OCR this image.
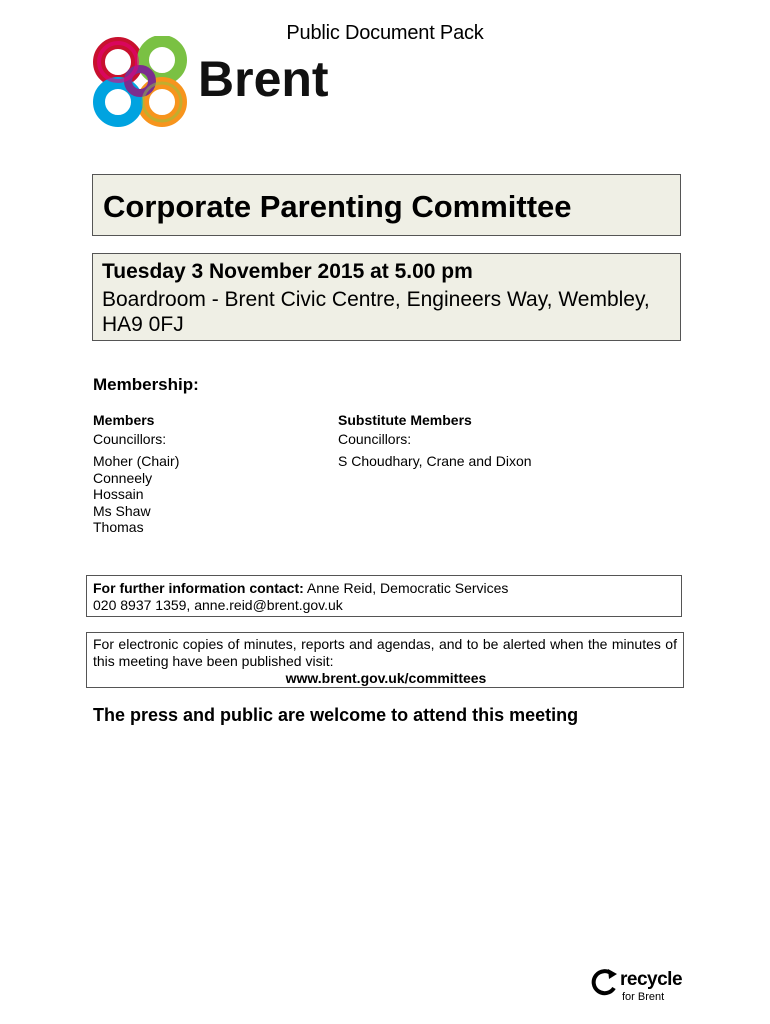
Public Document Pack
Brent
Corporate Parenting Committee
Tuesday 3 November 2015 at 5.00 pm
Boardroom - Brent Civic Centre, Engineers Way, Wembley, HA9 0FJ
Membership:
Members
Councillors:
Moher (Chair)
Conneely
Hossain
Ms Shaw
Thomas
Substitute Members
Councillors:
S Choudhary, Crane and Dixon
For further information contact: Anne Reid, Democratic Services
020 8937 1359, anne.reid@brent.gov.uk
For electronic copies of minutes, reports and agendas, and to be alerted when the minutes of this meeting have been published visit:
www.brent.gov.uk/committees
The press and public are welcome to attend this meeting
recycle
for Brent
